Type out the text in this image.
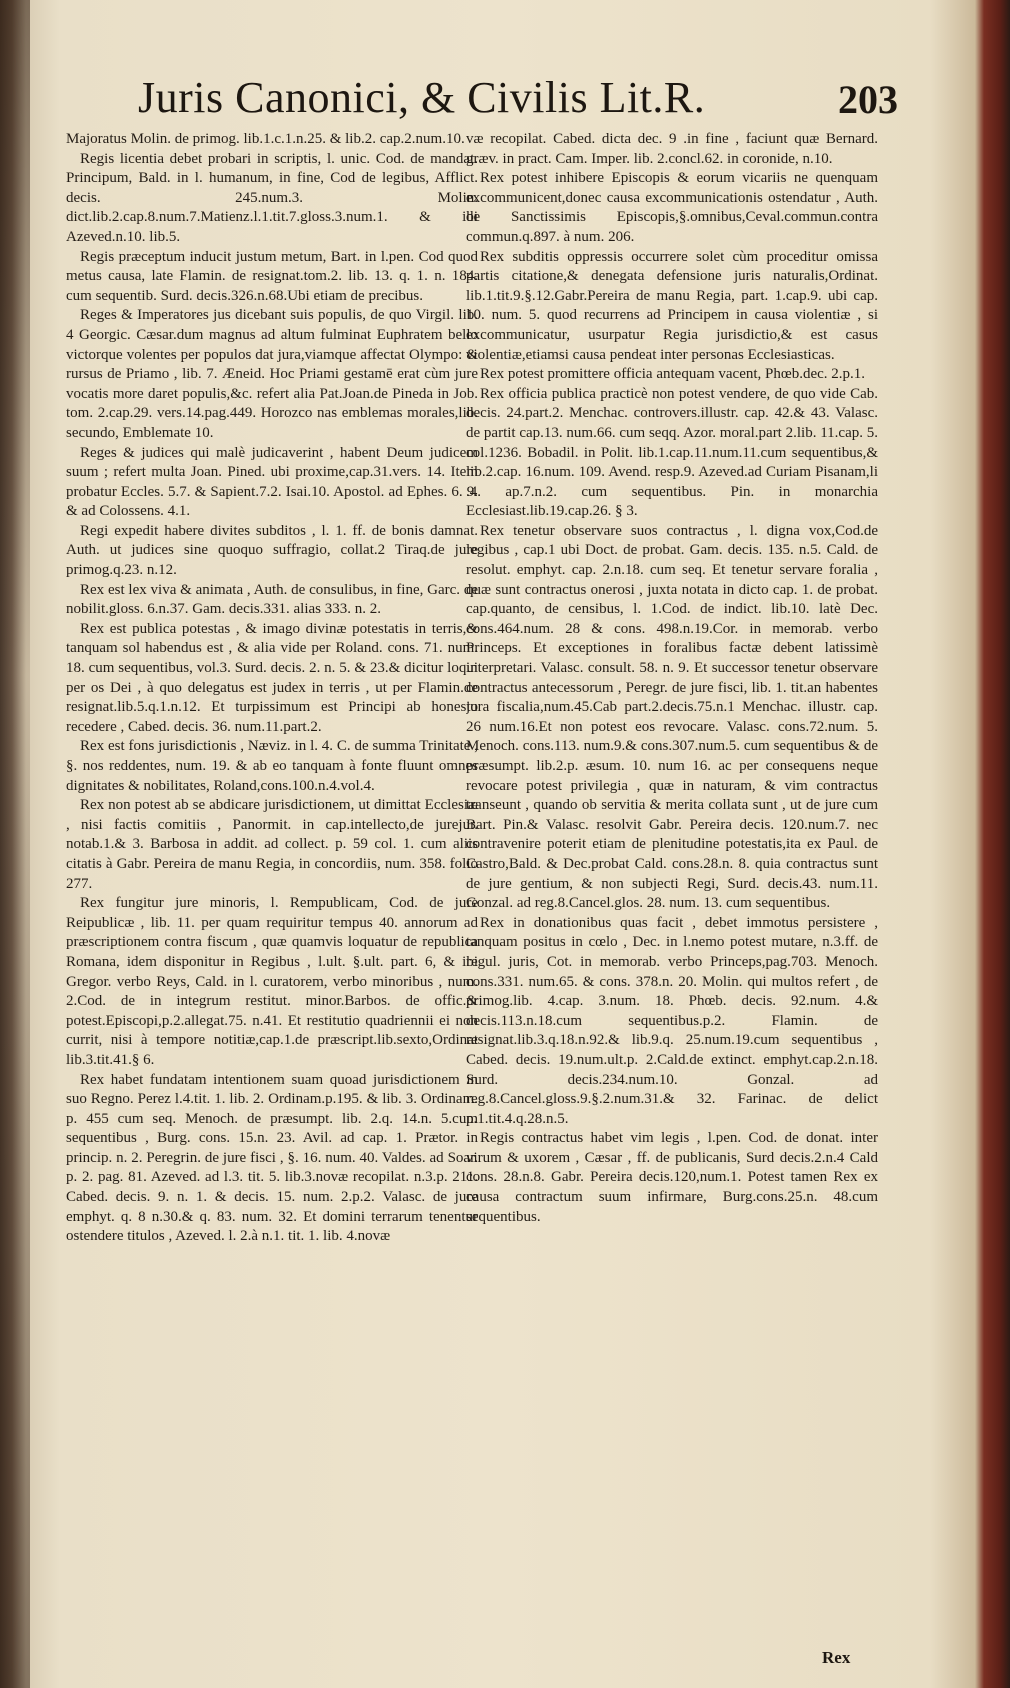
Juris Canonici, & Civilis Lit.R.	203

Majoratus Molin. de primog. lib.1.c.1.n.25. & lib.2. cap.2.num.10.

Regis licentia debet probari in scriptis, l. unic. Cod. de mandat. Principum, Bald. in l. humanum, in fine, Cod de legibus, Afflict. decis. 245.num.3. Molin. dict.lib.2.cap.8.num.7.Matienz.l.1.tit.7.gloss.3.num.1. & ibi Azeved.n.10. lib.5.

Regis præceptum inducit justum metum, Bart. in l.pen. Cod quod metus causa, late Flamin. de resignat.tom.2. lib. 13. q. 1. n. 184. cum sequentib. Surd. decis.326.n.68.Ubi etiam de precibus.

Reges & Imperatores jus dicebant suis populis, de quo Virgil. lib. 4 Georgic. Cæsar.dum magnus ad altum fulminat Euphratem bello victorque volentes per populos dat jura,viamque affectat Olympo: & rursus de Priamo , lib. 7. Æneid. Hoc Priami gestamē erat cùm jure vocatis more daret populis,&c. refert alia Pat.Joan.de Pineda in Job. tom. 2.cap.29. vers.14.pag.449. Horozco nas emblemas morales,lib. secundo, Emblemate 10.

Reges & judices qui malè judicaverint , habent Deum judicem suum ; refert multa Joan. Pined. ubi proxime,cap.31.vers. 14. Item probatur Eccles. 5.7. & Sapient.7.2. Isai.10. Apostol. ad Ephes. 6. 9. & ad Colossens. 4.1.

Regi expedit habere divites subditos , l. 1. ff. de bonis damnat. Auth. ut judices sine quoquo suffragio, collat.2 Tiraq.de jure primog.q.23. n.12.

Rex est lex viva & animata , Auth. de consulibus, in fine, Garc. de nobilit.gloss. 6.n.37. Gam. decis.331. alias 333. n. 2.

Rex est publica potestas , & imago divinæ potestatis in terris,& tanquam sol habendus est , & alia vide per Roland. cons. 71. num. 18. cum sequentibus, vol.3. Surd. decis. 2. n. 5. & 23.& dicitur loqui per os Dei , à quo delegatus est judex in terris , ut per Flamin.de resignat.lib.5.q.1.n.12. Et turpissimum est Principi ab honesto recedere , Cabed. decis. 36. num.11.part.2.

Rex est fons jurisdictionis , Næviz. in l. 4. C. de summa Trinitate , §. nos reddentes, num. 19. & ab eo tanquam à fonte fluunt omnes dignitates & nobilitates, Roland,cons.100.n.4.vol.4.

Rex non potest ab se abdicare jurisdictionem, ut dimittat Ecclesiæ , nisi factis comitiis , Panormit. in cap.intellecto,de jurejur. notab.1.& 3. Barbosa in addit. ad collect. p. 59 col. 1. cum aliis citatis à Gabr. Pereira de manu Regia, in concordiis, num. 358. folio 277.

Rex fungitur jure minoris, l. Rempublicam, Cod. de jure Reipublicæ , lib. 11. per quam requiritur tempus 40. annorum ad præscriptionem contra fiscum , quæ quamvis loquatur de republica Romana, idem disponitur in Regibus , l.ult. §.ult. part. 6, & ibi Gregor. verbo Reys, Cald. in l. curatorem, verbo minoribus , num. 2.Cod. de in integrum restitut. minor.Barbos. de offic.& potest.Episcopi,p.2.allegat.75. n.41. Et restitutio quadriennii ei non currit, nisi à tempore notitiæ,cap.1.de præscript.lib.sexto,Ordinat lib.3.tit.41.§ 6.

Rex habet fundatam intentionem suam quoad jurisdictionem in suo Regno. Perez l.4.tit. 1. lib. 2. Ordinam.p.195. & lib. 3. Ordinam. p. 455 cum seq. Menoch. de præsumpt. lib. 2.q. 14.n. 5.cum sequentibus , Burg. cons. 15.n. 23. Avil. ad cap. 1. Prætor. in princip. n. 2. Peregrin. de jure fisci , §. 16. num. 40. Valdes. ad Soar. p. 2. pag. 81. Azeved. ad l.3. tit. 5. lib.3.novæ recopilat. n.3.p. 211. Cabed. decis. 9. n. 1. & decis. 15. num. 2.p.2. Valasc. de jure emphyt. q. 8 n.30.& q. 83. num. 32. Et domini terrarum tenentur ostendere titulos , Azeved. l. 2.à n.1. tit. 1. lib. 4.novæ

væ recopilat. Cabed. dicta dec. 9 .in fine , faciunt quæ Bernard. græv. in pract. Cam. Imper. lib. 2.concl.62. in coronide, n.10.

Rex potest inhibere Episcopis & eorum vicariis ne quenquam excommunicent,donec causa excommunicationis ostendatur , Auth. de Sanctissimis Episcopis,§.omnibus,Ceval.commun.contra commun.q.897. à num. 206.

Rex subditis oppressis occurrere solet cùm proceditur omissa partis citatione,& denegata defensione juris naturalis,Ordinat. lib.1.tit.9.§.12.Gabr.Pereira de manu Regia, part. 1.cap.9. ubi cap. 10. num. 5. quod recurrens ad Principem in causa violentiæ , si excommunicatur, usurpatur Regia jurisdictio,& est casus violentiæ,etiamsi causa pendeat inter personas Ecclesiasticas.

Rex potest promittere officia antequam vacent, Phœb.dec. 2.p.1.

Rex officia publica practicè non potest vendere, de quo vide Cab. decis. 24.part.2. Menchac. controvers.illustr. cap. 42.& 43. Valasc. de partit cap.13. num.66. cum seqq. Azor. moral.part 2.lib. 11.cap. 5. col.1236. Bobadil. in Polit. lib.1.cap.11.num.11.cum sequentibus,& lib.2.cap. 16.num. 109. Avend. resp.9. Azeved.ad Curiam Pisanam,li .4. ap.7.n.2. cum sequentibus. Pin. in monarchia Ecclesiast.lib.19.cap.26. § 3.

Rex tenetur observare suos contractus , l. digna vox,Cod.de legibus , cap.1 ubi Doct. de probat. Gam. decis. 135. n.5. Cald. de resolut. emphyt. cap. 2.n.18. cum seq. Et tenetur servare foralia , quæ sunt contractus onerosi , juxta notata in dicto cap. 1. de probat. cap.quanto, de censibus, l. 1.Cod. de indict. lib.10. latè Dec. cons.464.num. 28 & cons. 498.n.19.Cor. in memorab. verbo Princeps. Et exceptiones in foralibus factæ debent latissimè interpretari. Valasc. consult. 58. n. 9. Et successor tenetur observare contractus antecessorum , Peregr. de jure fisci, lib. 1. tit.an habentes jura fiscalia,num.45.Cab part.2.decis.75.n.1 Menchac. illustr. cap. 26 num.16.Et non potest eos revocare. Valasc. cons.72.num. 5. Menoch. cons.113. num.9.& cons.307.num.5. cum sequentibus & de præsumpt. lib.2.p. æsum. 10. num 16. ac per consequens neque revocare potest privilegia , quæ in naturam, & vim contractus transeunt , quando ob servitia & merita collata sunt , ut de jure cum Bart. Pin.& Valasc. resolvit Gabr. Pereira decis. 120.num.7. nec contravenire poterit etiam de plenitudine potestatis,ita ex Paul. de Castro,Bald. & Dec.probat Cald. cons.28.n. 8. quia contractus sunt de jure gentium, & non subjecti Regi, Surd. decis.43. num.11. Gonzal. ad reg.8.Cancel.glos. 28. num. 13. cum sequentibus.

Rex in donationibus quas facit , debet immotus persistere , tanquam positus in cœlo , Dec. in l.nemo potest mutare, n.3.ff. de regul. juris, Cot. in memorab. verbo Princeps,pag.703. Menoch. cons.331. num.65. & cons. 378.n. 20. Molin. qui multos refert , de primog.lib. 4.cap. 3.num. 18. Phœb. decis. 92.num. 4.& decis.113.n.18.cum sequentibus.p.2. Flamin. de resignat.lib.3.q.18.n.92.& lib.9.q. 25.num.19.cum sequentibus , Cabed. decis. 19.num.ult.p. 2.Cald.de extinct. emphyt.cap.2.n.18. Surd. decis.234.num.10. Gonzal. ad reg.8.Cancel.gloss.9.§.2.num.31.& 32. Farinac. de delict p.1.tit.4.q.28.n.5.

Regis contractus habet vim legis , l.pen. Cod. de donat. inter virum & uxorem , Cæsar , ff. de publicanis, Surd decis.2.n.4 Cald cons. 28.n.8. Gabr. Pereira decis.120,num.1. Potest tamen Rex ex causa contractum suum infirmare, Burg.cons.25.n. 48.cum sequentibus.

Rex
